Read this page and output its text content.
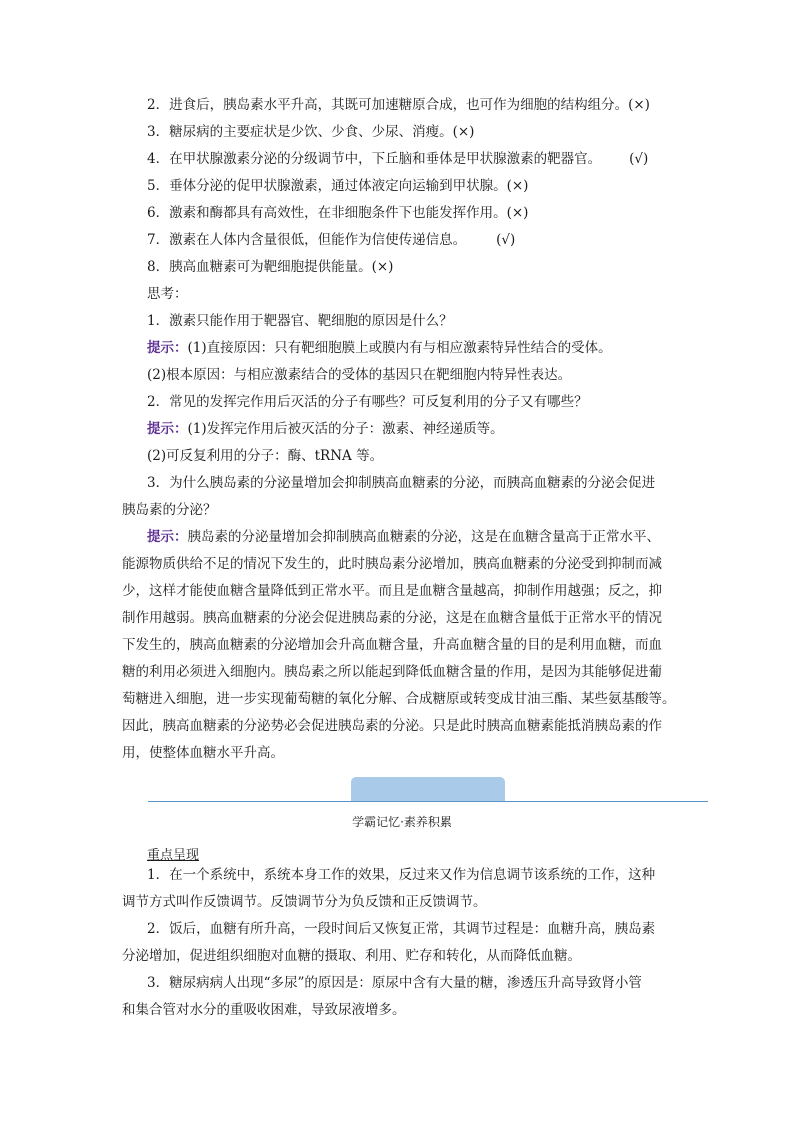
2．进食后，胰岛素水平升高，其既可加速糖原合成，也可作为细胞的结构组分。(×)
3．糖尿病的主要症状是少饮、少食、少尿、消瘦。(×)
4．在甲状腺激素分泌的分级调节中，下丘脑和垂体是甲状腺激素的靶器官。 (√)
5．垂体分泌的促甲状腺激素，通过体液定向运输到甲状腺。(×)
6．激素和酶都具有高效性，在非细胞条件下也能发挥作用。(×)
7．激素在人体内含量很低，但能作为信使传递信息。 (√)
8．胰高血糖素可为靶细胞提供能量。(×)
思考：
1．激素只能作用于靶器官、靶细胞的原因是什么？
提示：(1)直接原因：只有靶细胞膜上或膜内有与相应激素特异性结合的受体。
(2)根本原因：与相应激素结合的受体的基因只在靶细胞内特异性表达。
2．常见的发挥完作用后灭活的分子有哪些？可反复利用的分子又有哪些？
提示：(1)发挥完作用后被灭活的分子：激素、神经递质等。
(2)可反复利用的分子：酶、tRNA 等。
3．为什么胰岛素的分泌量增加会抑制胰高血糖素的分泌，而胰高血糖素的分泌会促进
胰岛素的分泌？
提示：胰岛素的分泌量增加会抑制胰高血糖素的分泌，这是在血糖含量高于正常水平、
能源物质供给不足的情况下发生的，此时胰岛素分泌增加，胰高血糖素的分泌受到抑制而减
少，这样才能使血糖含量降低到正常水平。而且是血糖含量越高，抑制作用越强；反之，抑
制作用越弱。胰高血糖素的分泌会促进胰岛素的分泌，这是在血糖含量低于正常水平的情况
下发生的，胰高血糖素的分泌增加会升高血糖含量，升高血糖含量的目的是利用血糖，而血
糖的利用必须进入细胞内。胰岛素之所以能起到降低血糖含量的作用，是因为其能够促进葡
萄糖进入细胞，进一步实现葡萄糖的氧化分解、合成糖原或转变成甘油三酯、某些氨基酸等。
因此，胰高血糖素的分泌势必会促进胰岛素的分泌。只是此时胰高血糖素能抵消胰岛素的作
用，使整体血糖水平升高。
学霸记忆·素养积累
重点呈现
1．在一个系统中，系统本身工作的效果，反过来又作为信息调节该系统的工作，这种
调节方式叫作反馈调节。反馈调节分为负反馈和正反馈调节。
2．饭后，血糖有所升高，一段时间后又恢复正常，其调节过程是：血糖升高，胰岛素
分泌增加，促进组织细胞对血糖的摄取、利用、贮存和转化，从而降低血糖。
3．糖尿病病人出现“多尿”的原因是：原尿中含有大量的糖，渗透压升高导致肾小管
和集合管对水分的重吸收困难，导致尿液增多。
